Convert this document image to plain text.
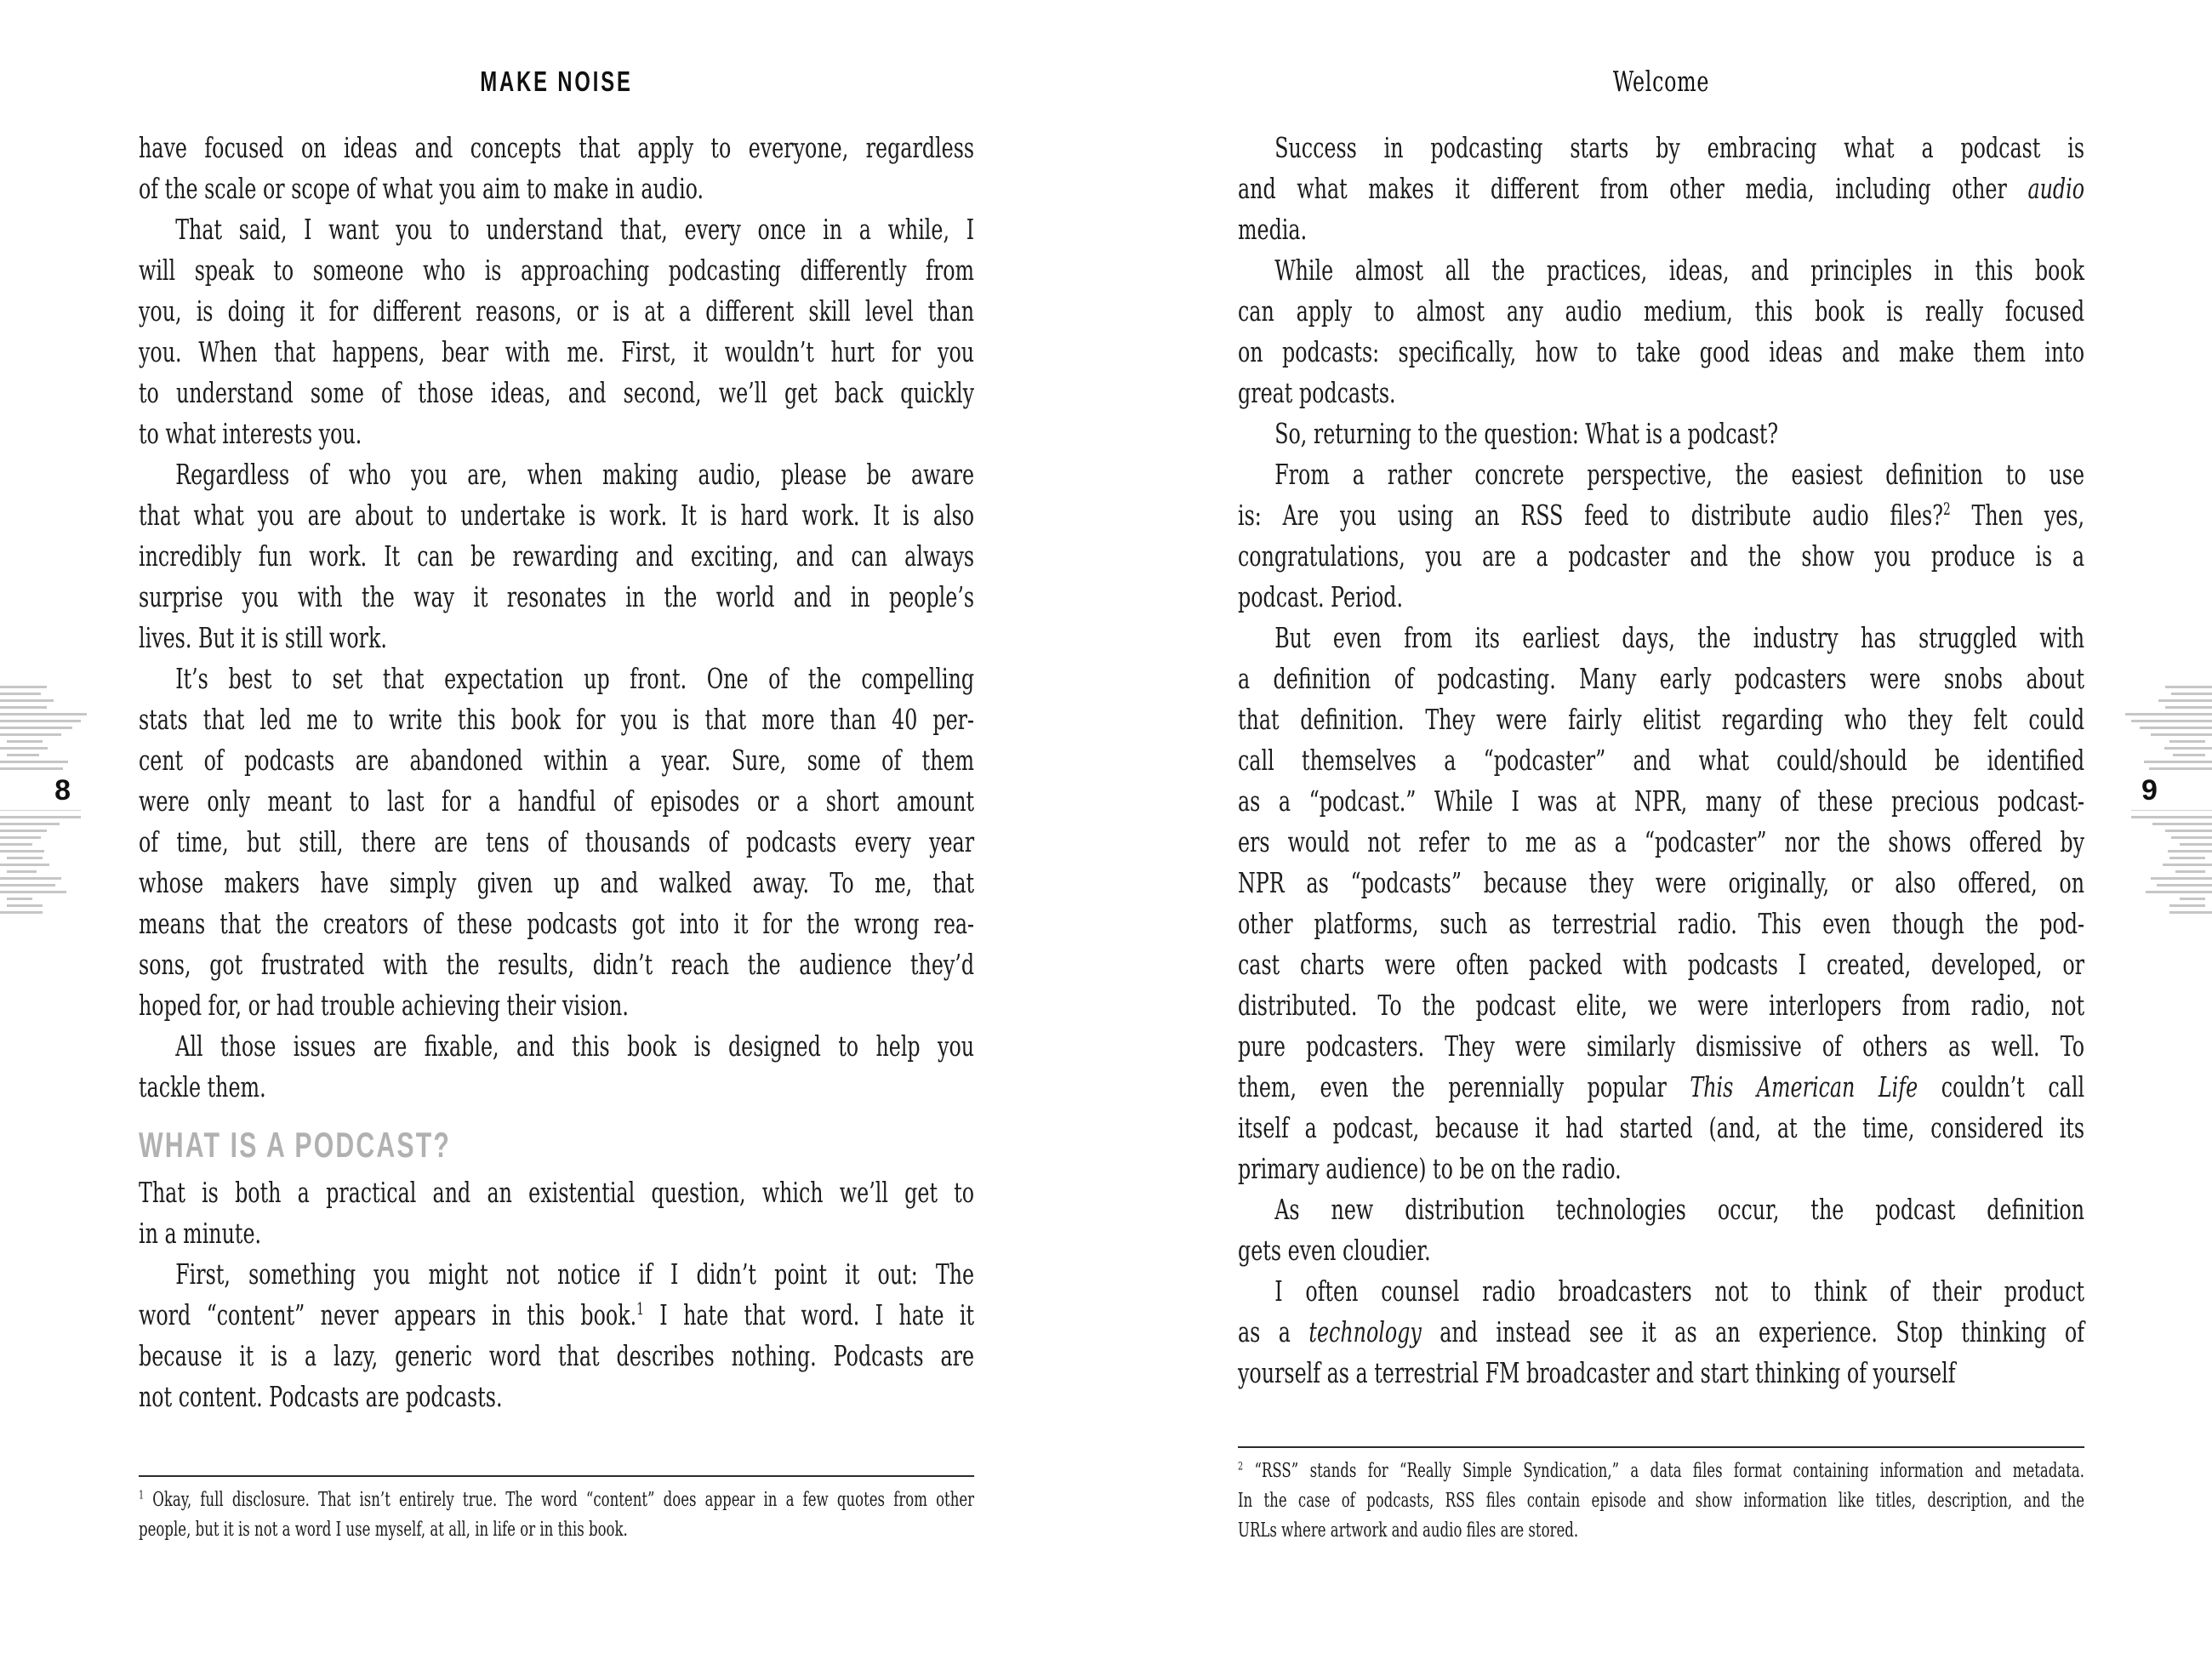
8	9
MAKE NOISE
have focused on ideas and concepts that apply to everyone, regardless
of the scale or scope of what you aim to make in audio.
That said, I want you to understand that, every once in a while, I
will speak to someone who is approaching podcasting differently from
you, is doing it for different reasons, or is at a different skill level than
you. When that happens, bear with me. First, it wouldn’t hurt for you
to understand some of those ideas, and second, we’ll get back quickly
to what interests you.
Regardless of who you are, when making audio, please be aware
that what you are about to undertake is work. It is hard work. It is also
incredibly fun work. It can be rewarding and exciting, and can always
surprise you with the way it resonates in the world and in people’s
lives. But it is still work.
It’s best to set that expectation up front. One of the compelling
stats that led me to write this book for you is that more than 40 per-
cent of podcasts are abandoned within a year. Sure, some of them
were only meant to last for a handful of episodes or a short amount
of time, but still, there are tens of thousands of podcasts every year
whose makers have simply given up and walked away. To me, that
means that the creators of these podcasts got into it for the wrong rea-
sons, got frustrated with the results, didn’t reach the audience they’d
hoped for, or had trouble achieving their vision.
All those issues are fixable, and this book is designed to help you
tackle them.
WHAT IS A PODCAST?
That is both a practical and an existential question, which we’ll get to
in a minute.
First, something you might not notice if I didn’t point it out: The
word “content” never appears in this book.$^1$ I hate that word. I hate it
because it is a lazy, generic word that describes nothing. Podcasts are
not content. Podcasts are podcasts.
$^1$ Okay, full disclosure. That isn’t entirely true. The word “content” does appear in a few quotes from other
people, but it is not a word I use myself, at all, in life or in this book.
Welcome
Success in podcasting starts by embracing what a podcast is
and what makes it different from other media, including other audio
media.
While almost all the practices, ideas, and principles in this book
can apply to almost any audio medium, this book is really focused
on podcasts: specifically, how to take good ideas and make them into
great podcasts.
So, returning to the question: What is a podcast?
From a rather concrete perspective, the easiest definition to use
is: Are you using an RSS feed to distribute audio files?$^2$ Then yes,
congratulations, you are a podcaster and the show you produce is a
podcast. Period.
But even from its earliest days, the industry has struggled with
a definition of podcasting. Many early podcasters were snobs about
that definition. They were fairly elitist regarding who they felt could
call themselves a “podcaster” and what could/should be identified
as a “podcast.” While I was at NPR, many of these precious podcast-
ers would not refer to me as a “podcaster” nor the shows offered by
NPR as “podcasts” because they were originally, or also offered, on
other platforms, such as terrestrial radio. This even though the pod-
cast charts were often packed with podcasts I created, developed, or
distributed. To the podcast elite, we were interlopers from radio, not
pure podcasters. They were similarly dismissive of others as well. To
them, even the perennially popular This American Life couldn’t call
itself a podcast, because it had started (and, at the time, considered its
primary audience) to be on the radio.
As new distribution technologies occur, the podcast definition
gets even cloudier.
I often counsel radio broadcasters not to think of their product
as a technology and instead see it as an experience. Stop thinking of
yourself as a terrestrial FM broadcaster and start thinking of yourself
$^2$ “RSS” stands for “Really Simple Syndication,” a data files format containing information and metadata.
In the case of podcasts, RSS files contain episode and show information like titles, description, and the
URLs where artwork and audio files are stored.
